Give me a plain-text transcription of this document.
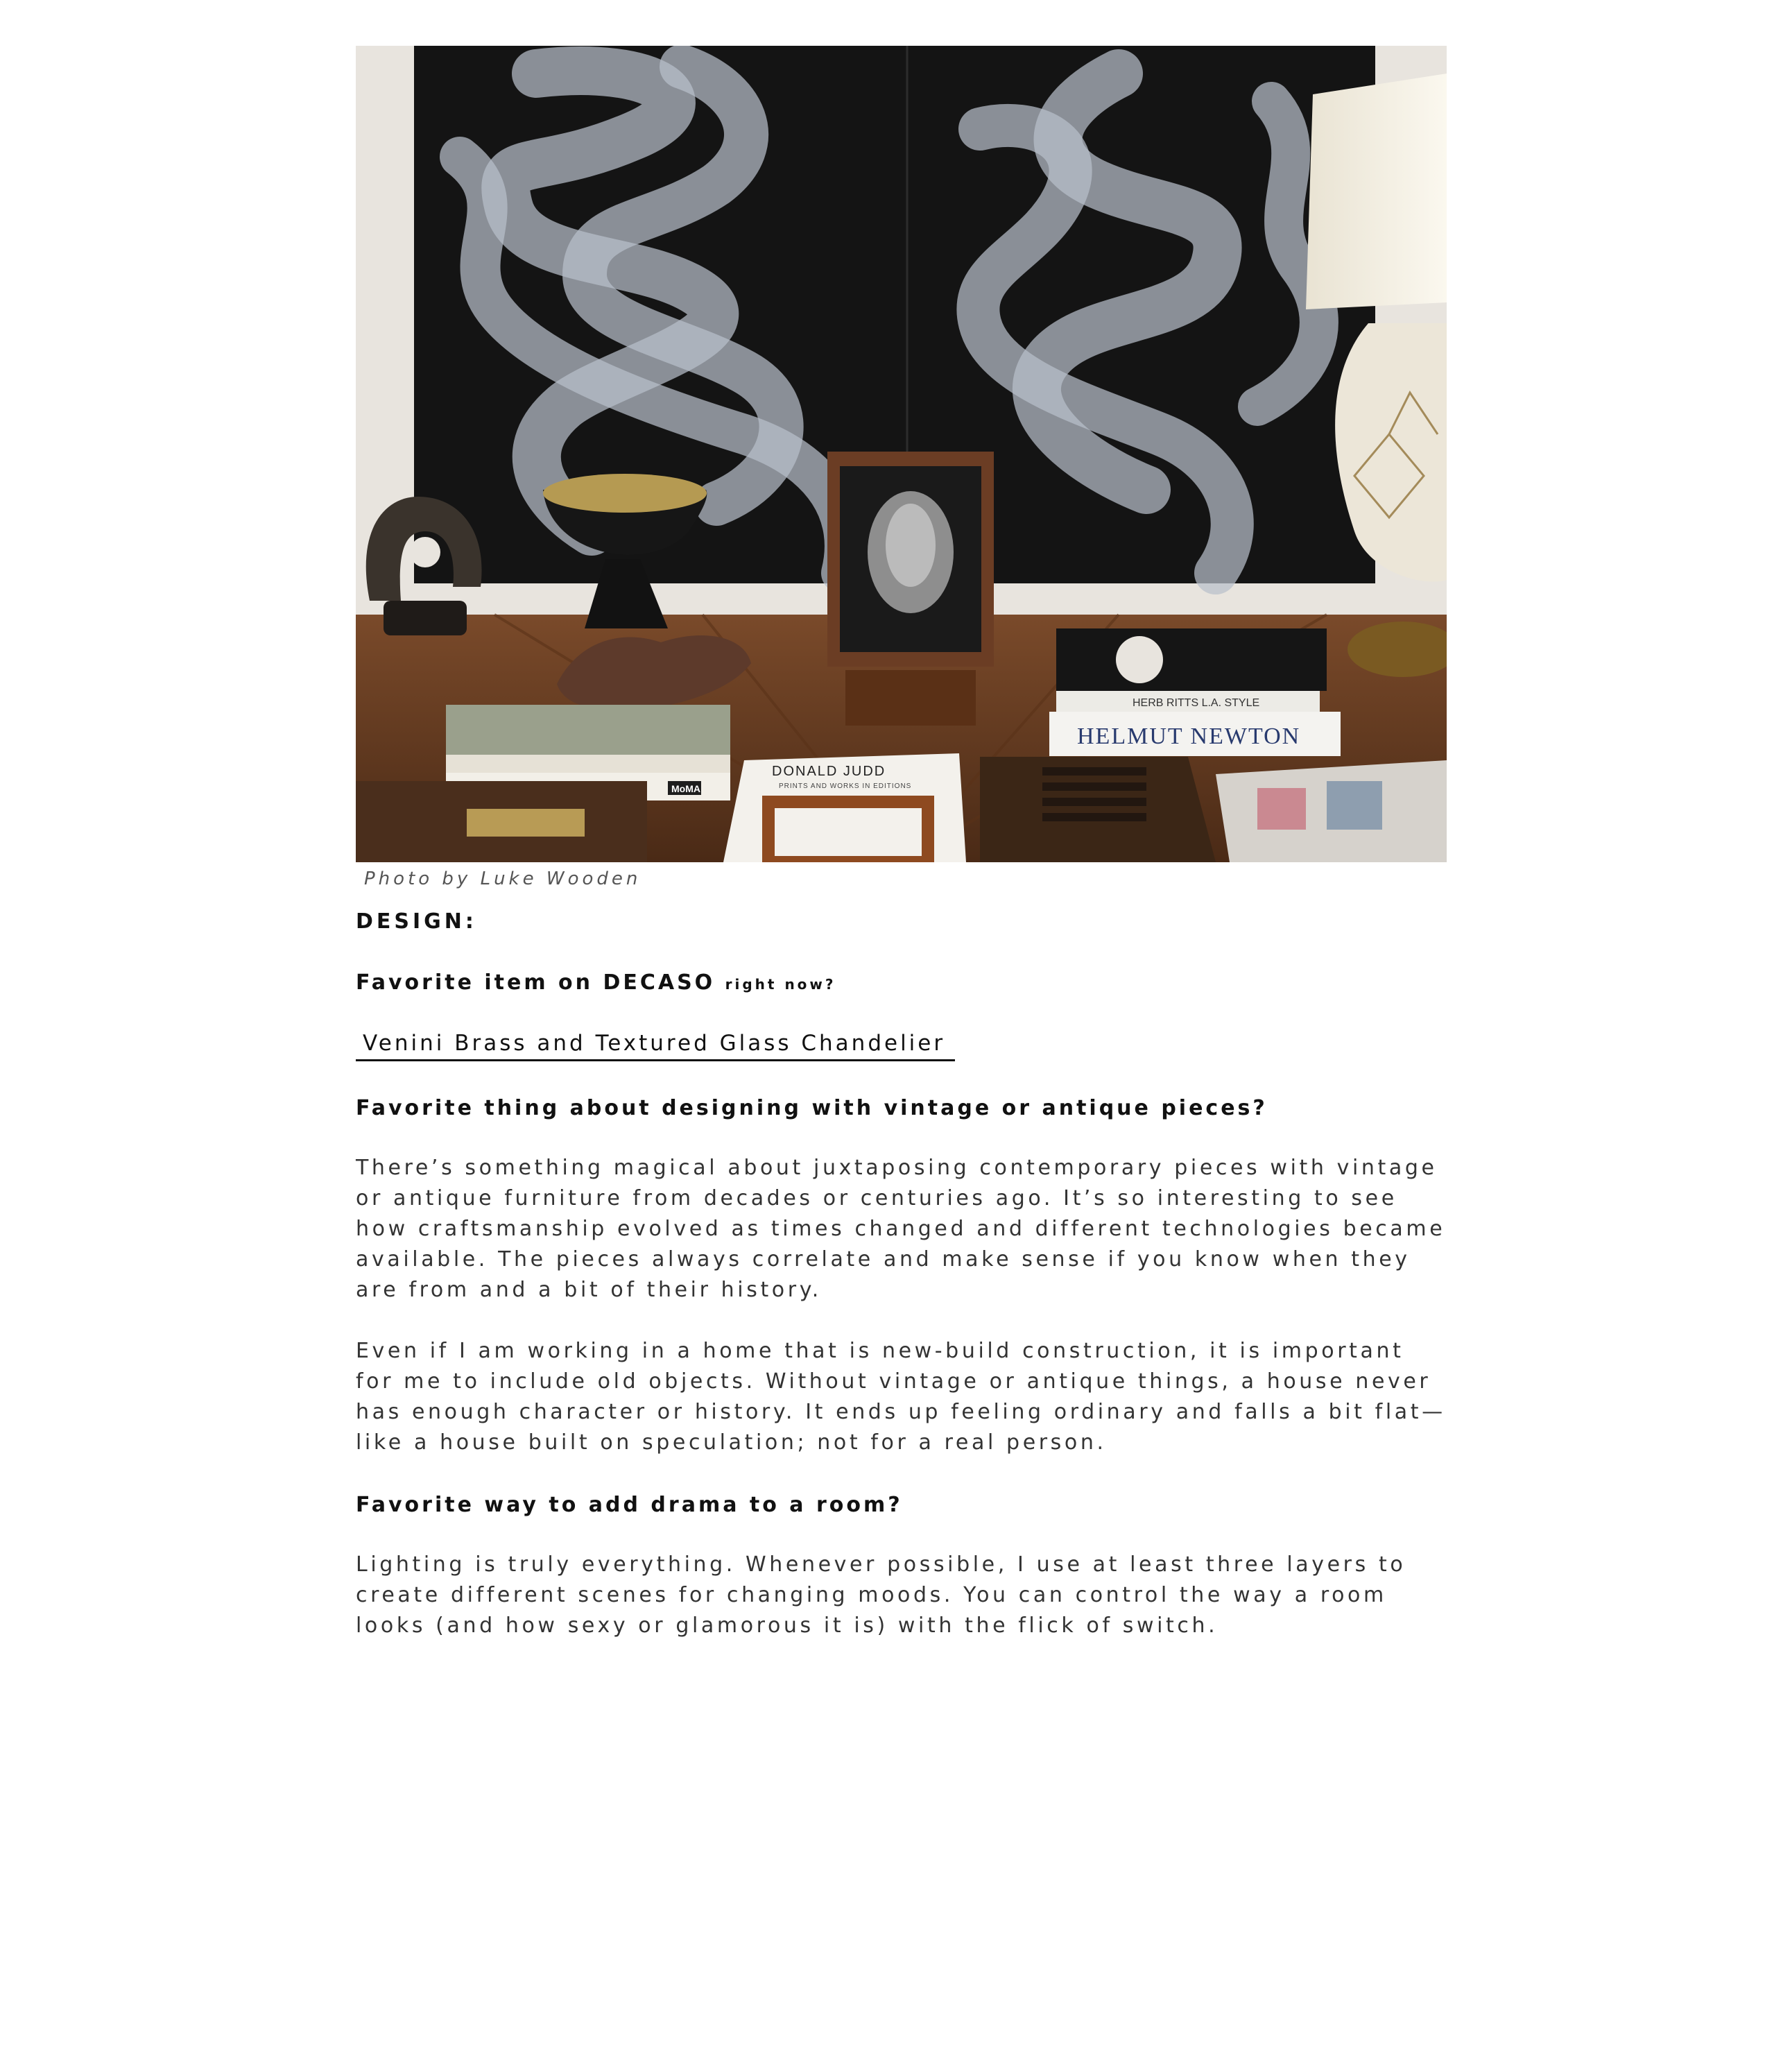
MoMA
HERB RITTS L.A. STYLE
HELMUT NEWTON
DONALD JUDD
PRINTS AND WORKS IN EDITIONS
Photo by Luke Wooden
DESIGN:
Favorite item on DECASO right now?
Venini Brass and Textured Glass Chandelier
Favorite thing about designing with vintage or antique pieces?

There’s something magical about juxtaposing contemporary pieces with vintage or antique furniture from decades or centuries ago. It’s so interesting to see how craftsmanship evolved as times changed and different technologies became available. The pieces always correlate and make sense if you know when they are from and a bit of their history.

Even if I am working in a home that is new-build construction, it is important for me to include old objects. Without vintage or antique things, a house never has enough character or history. It ends up feeling ordinary and falls a bit flat—like a house built on speculation; not for a real person.

Favorite way to add drama to a room?

Lighting is truly everything. Whenever possible, I use at least three layers to create different scenes for changing moods. You can control the way a room looks (and how sexy or glamorous it is) with the flick of switch.
